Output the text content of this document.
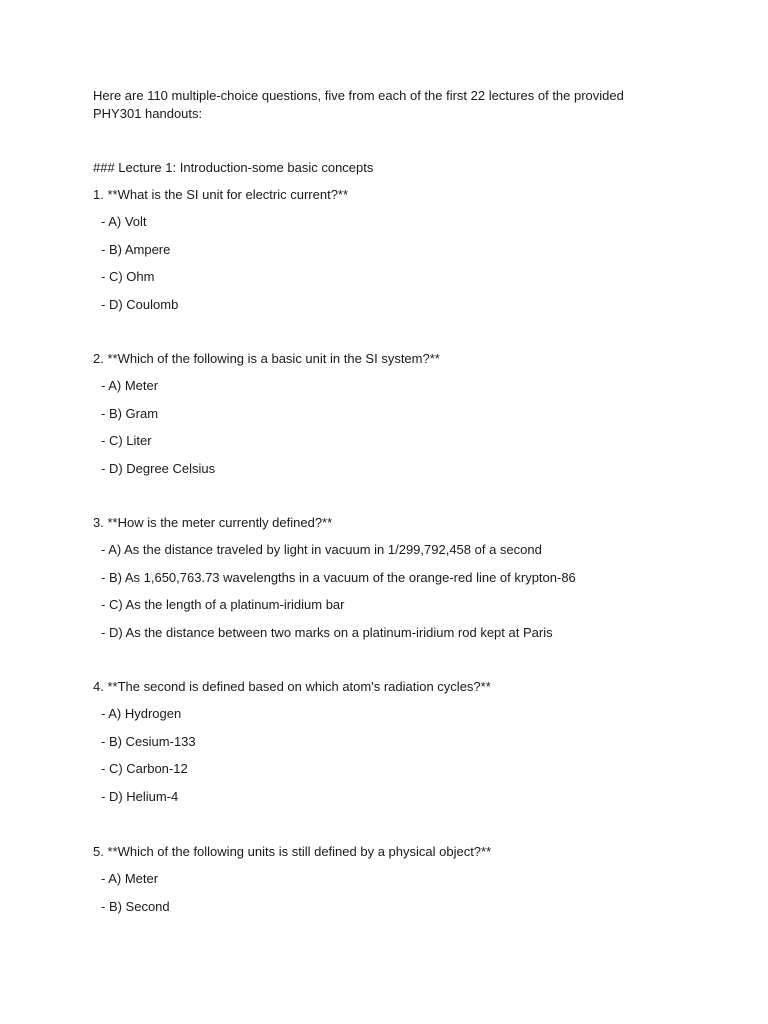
Here are 110 multiple-choice questions, five from each of the first 22 lectures of the provided PHY301 handouts:

### Lecture 1: Introduction-some basic concepts

1. **What is the SI unit for electric current?**

- A) Volt
- B) Ampere
- C) Ohm
- D) Coulomb

2. **Which of the following is a basic unit in the SI system?**

- A) Meter
- B) Gram
- C) Liter
- D) Degree Celsius

3. **How is the meter currently defined?**

- A) As the distance traveled by light in vacuum in 1/299,792,458 of a second
- B) As 1,650,763.73 wavelengths in a vacuum of the orange-red line of krypton-86
- C) As the length of a platinum-iridium bar
- D) As the distance between two marks on a platinum-iridium rod kept at Paris

4. **The second is defined based on which atom's radiation cycles?**

- A) Hydrogen
- B) Cesium-133
- C) Carbon-12
- D) Helium-4

5. **Which of the following units is still defined by a physical object?**

- A) Meter
- B) Second
